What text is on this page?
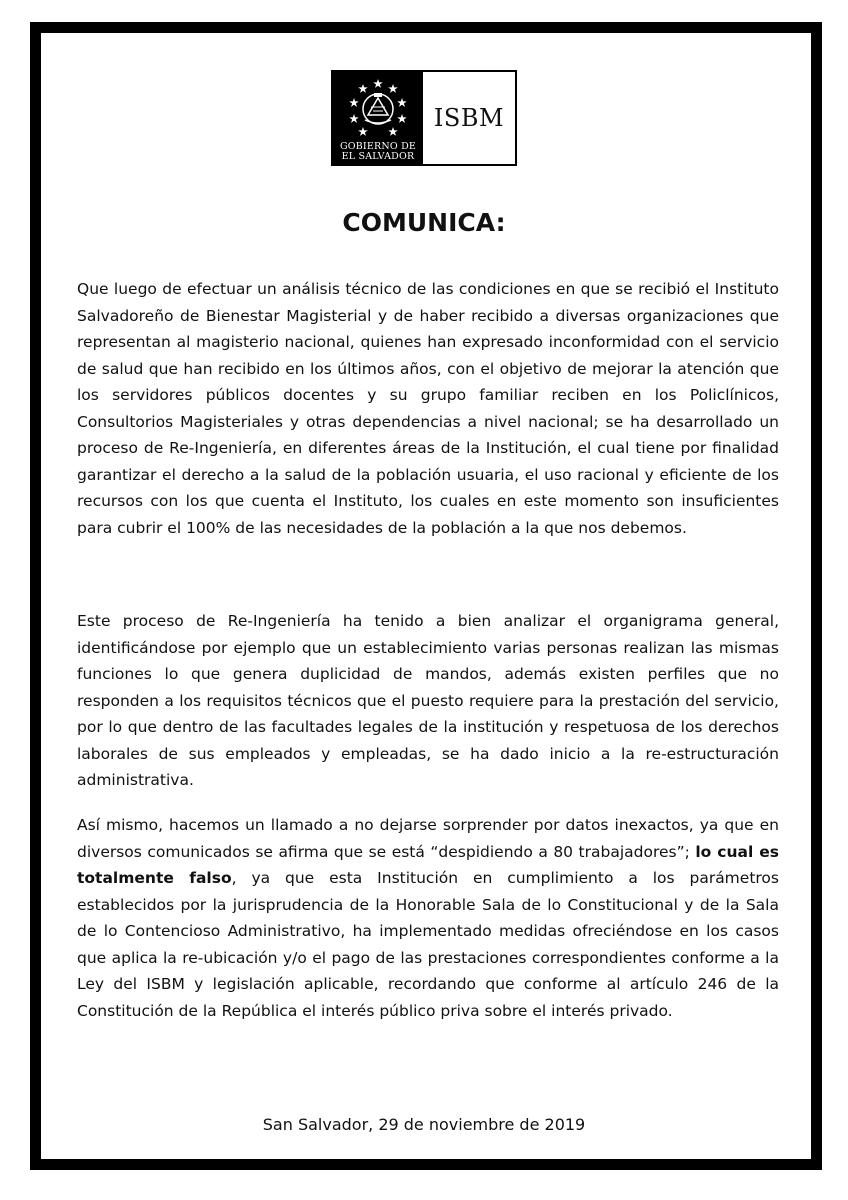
GOBIERNO DE
EL SALVADOR
ISBM
COMUNICA:

Que luego de efectuar un análisis técnico de las condiciones en que se recibió el Instituto Salvadoreño de Bienestar Magisterial y de haber recibido a diversas organizaciones que representan al magisterio nacional, quienes han expresado inconformidad con el servicio de salud que han recibido en los últimos años, con el objetivo de mejorar la atención que los servidores públicos docentes y su grupo familiar reciben en los Policlínicos, Consultorios Magisteriales y otras dependencias a nivel nacional; se ha desarrollado un proceso de Re-Ingeniería, en diferentes áreas de la Institución, el cual tiene por finalidad garantizar el derecho a la salud de la población usuaria, el uso racional y eficiente de los recursos con los que cuenta el Instituto, los cuales en este momento son insuficientes para cubrir el 100% de las necesidades de la población a la que nos debemos.

Este proceso de Re-Ingeniería ha tenido a bien analizar el organigrama general, identificándose por ejemplo que un establecimiento varias personas realizan las mismas funciones lo que genera duplicidad de mandos, además existen perfiles que no responden a los requisitos técnicos que el puesto requiere para la prestación del servicio, por lo que dentro de las facultades legales de la institución y respetuosa de los derechos laborales de sus empleados y empleadas, se ha dado inicio a la re-estructuración administrativa.

Así mismo, hacemos un llamado a no dejarse sorprender por datos inexactos, ya que en diversos comunicados se afirma que se está “despidiendo a 80 trabajadores”; lo cual es totalmente falso, ya que esta Institución en cumplimiento a los parámetros establecidos por la jurisprudencia de la Honorable Sala de lo Constitucional y de la Sala de lo Contencioso Administrativo, ha implementado medidas ofreciéndose en los casos que aplica la re-ubicación y/o el pago de las prestaciones correspondientes conforme a la Ley del ISBM y legislación aplicable, recordando que conforme al artículo 246 de la Constitución de la República el interés público priva sobre el interés privado.

San Salvador, 29 de noviembre de 2019
